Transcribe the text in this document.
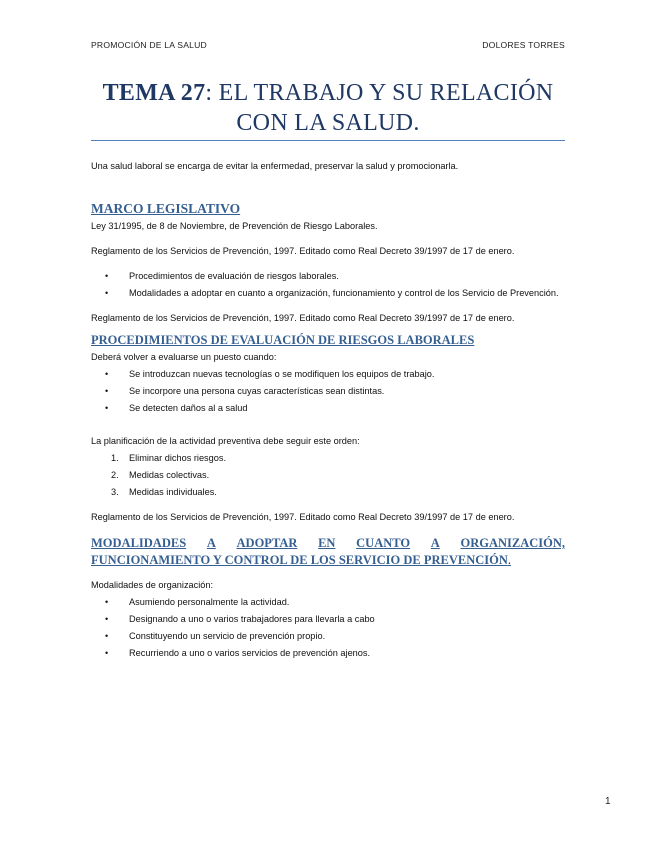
PROMOCIÓN DE LA SALUD	DOLORES TORRES
TEMA 27: EL TRABAJO Y SU RELACIÓN
CON LA SALUD.

Una salud laboral se encarga de evitar la enfermedad, preservar la salud y promocionarla.

MARCO LEGISLATIVO

Ley 31/1995, de 8 de Noviembre, de Prevención de Riesgo Laborales.

Reglamento de los Servicios de Prevención, 1997. Editado como Real Decreto 39/1997 de 17 de enero.

• Procedimientos de evaluación de riesgos laborales.
• Modalidades a adoptar en cuanto a organización, funcionamiento y control de los Servicio de Prevención.

Reglamento de los Servicios de Prevención, 1997. Editado como Real Decreto 39/1997 de 17 de enero.

PROCEDIMIENTOS DE EVALUACIÓN DE RIESGOS LABORALES

Deberá volver a evaluarse un puesto cuando:

• Se introduzcan nuevas tecnologías o se modifiquen los equipos de trabajo.
• Se incorpore una persona cuyas características sean distintas.
• Se detecten daños al a salud

La planificación de la actividad preventiva debe seguir este orden:

1. Eliminar dichos riesgos.
2. Medidas colectivas.
3. Medidas individuales.

Reglamento de los Servicios de Prevención, 1997. Editado como Real Decreto 39/1997 de 17 de enero.

MODALIDADES A ADOPTAR EN CUANTO A ORGANIZACIÓN,
FUNCIONAMIENTO Y CONTROL DE LOS SERVICIO DE PREVENCIÓN.

Modalidades de organización:

• Asumiendo personalmente la actividad.
• Designando a uno o varios trabajadores para llevarla a cabo
• Constituyendo un servicio de prevención propio.
• Recurriendo a uno o varios servicios de prevención ajenos.
1
